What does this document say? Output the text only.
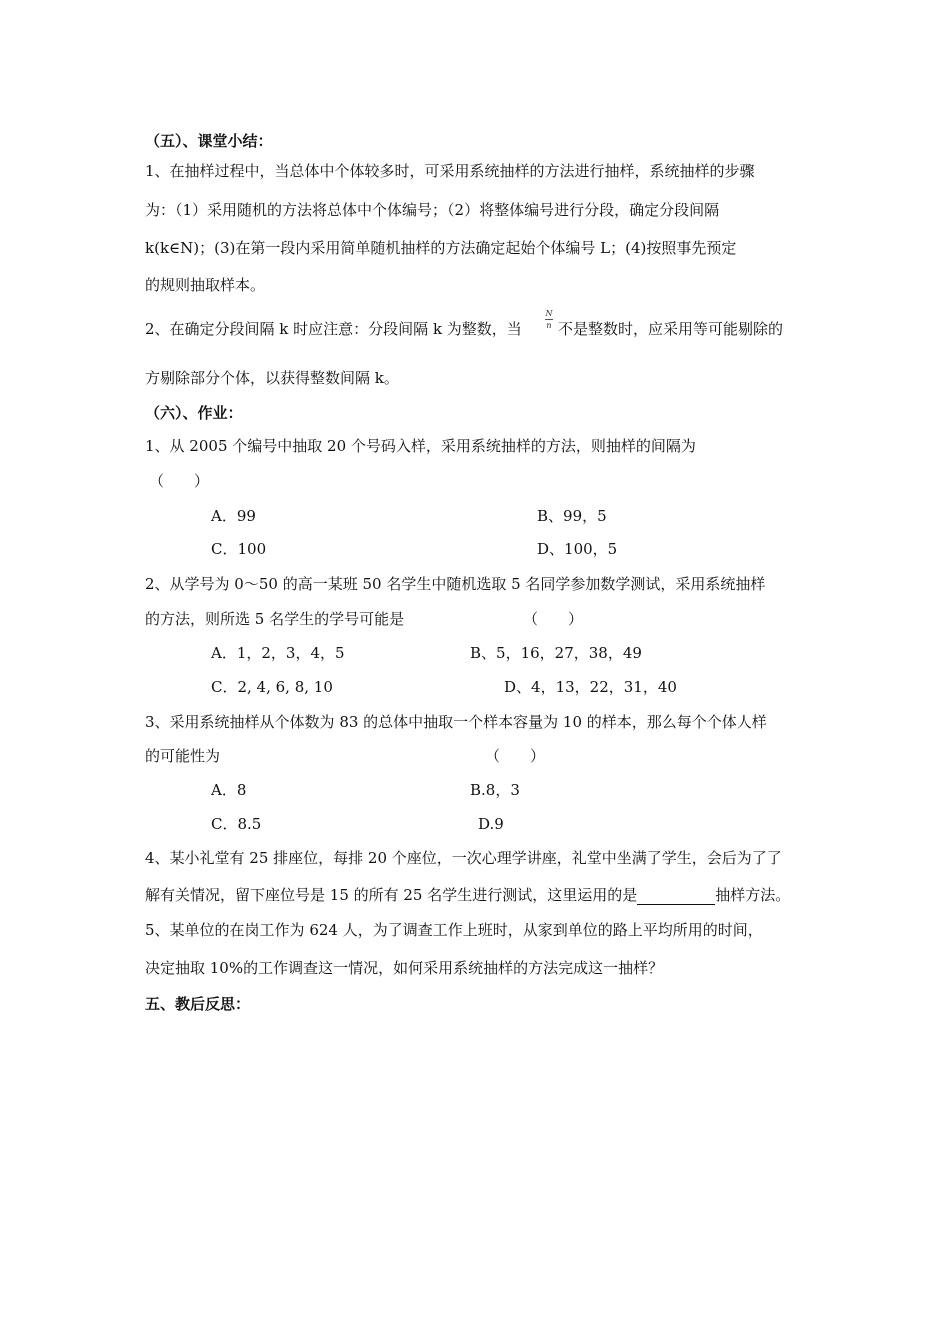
（五）、课堂小结：
1、在抽样过程中，当总体中个体较多时，可采用系统抽样的方法进行抽样，系统抽样的步骤
为：（1）采用随机的方法将总体中个体编号；（2）将整体编号进行分段，确定分段间隔
k(k∈N)；(3)在第一段内采用简单随机抽样的方法确定起始个体编号 L；(4)按照事先预定
的规则抽取样本。
2、在确定分段间隔 k 时应注意：分段间隔 k 为整数，当
N
n 不是整数时，应采用等可能剔除的
方剔除部分个体，以获得整数间隔 k。
（六）、作业：
1、从 2005 个编号中抽取 20 个号码入样，采用系统抽样的方法，则抽样的间隔为
（　　）
A．99	B、99，5
C．100	D、100，5
2、从学号为 0～50 的高一某班 50 名学生中随机选取 5 名同学参加数学测试，采用系统抽样
的方法，则所选 5 名学生的学号可能是	（　　）
A．1，2，3，4，5	B、5，16，27，38，49
C．2, 4, 6, 8, 10	D、4，13，22，31，40
3、采用系统抽样从个体数为 83 的总体中抽取一个样本容量为 10 的样本，那么每个个体人样
的可能性为	（　　）
A．8	B.8，3
C．8.5	D.9
4、某小礼堂有 25 排座位，每排 20 个座位，一次心理学讲座，礼堂中坐满了学生，会后为了了
解有关情况，留下座位号是 15 的所有 25 名学生进行测试，这里运用的是	抽样方法。
5、某单位的在岗工作为 624 人，为了调查工作上班时，从家到单位的路上平均所用的时间，
决定抽取 10%的工作调查这一情况，如何采用系统抽样的方法完成这一抽样？
五、教后反思：
